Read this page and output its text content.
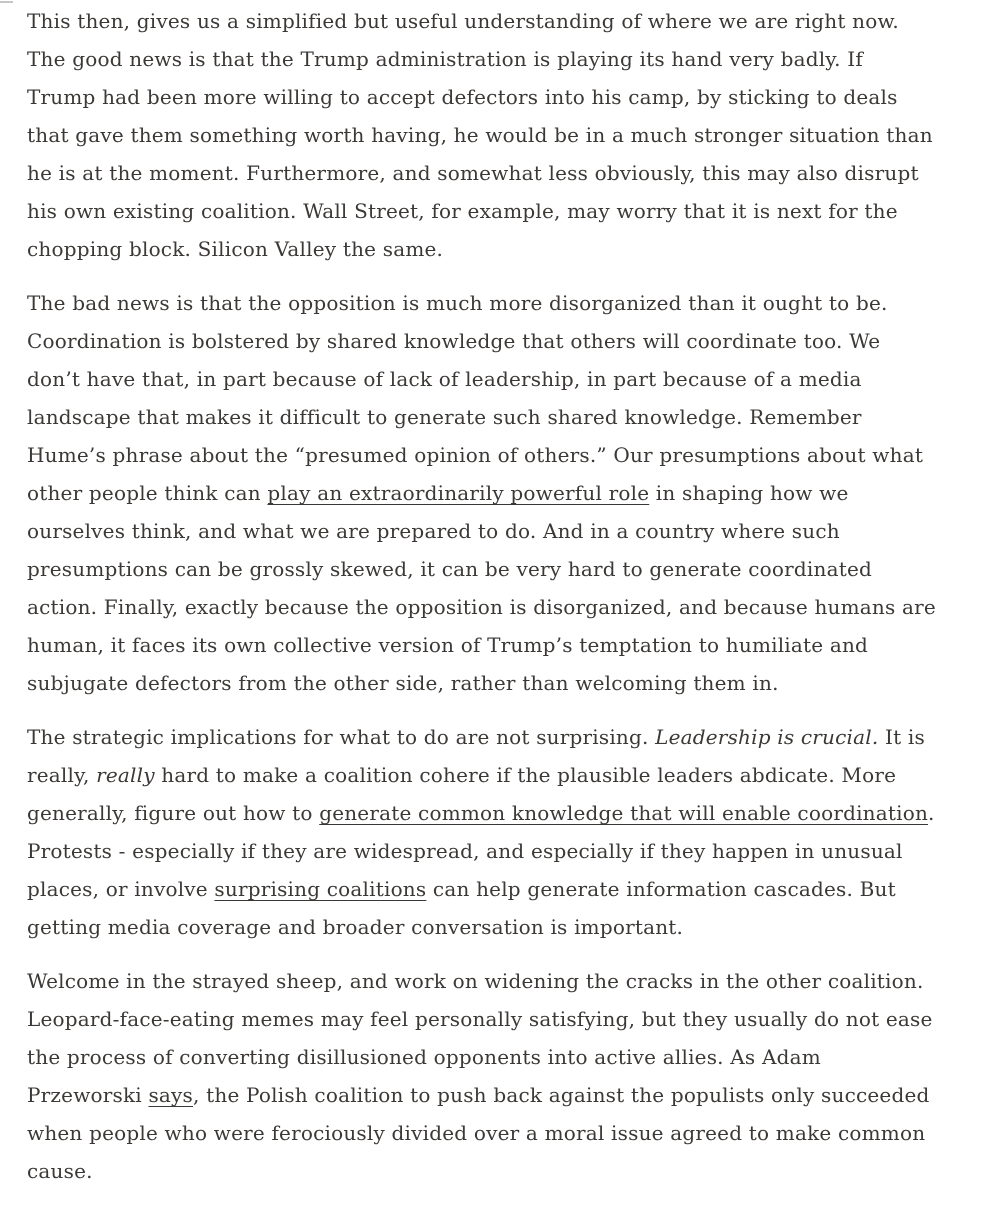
This then, gives us a simplified but useful understanding of where we are right now. The good news is that the Trump administration is playing its hand very badly. If Trump had been more willing to accept defectors into his camp, by sticking to deals that gave them something worth having, he would be in a much stronger situation than he is at the moment. Furthermore, and somewhat less obviously, this may also disrupt his own existing coalition. Wall Street, for example, may worry that it is next for the chopping block. Silicon Valley the same.

The bad news is that the opposition is much more disorganized than it ought to be. Coordination is bolstered by shared knowledge that others will coordinate too. We don’t have that, in part because of lack of leadership, in part because of a media landscape that makes it difficult to generate such shared knowledge. Remember Hume’s phrase about the “presumed opinion of others.” Our presumptions about what other people think can play an extraordinarily powerful role in shaping how we ourselves think, and what we are prepared to do. And in a country where such presumptions can be grossly skewed, it can be very hard to generate coordinated action. Finally, exactly because the opposition is disorganized, and because humans are human, it faces its own collective version of Trump’s temptation to humiliate and subjugate defectors from the other side, rather than welcoming them in.

The strategic implications for what to do are not surprising. Leadership is crucial. It is really, really hard to make a coalition cohere if the plausible leaders abdicate. More generally, figure out how to generate common knowledge that will enable coordination. Protests - especially if they are widespread, and especially if they happen in unusual places, or involve surprising coalitions can help generate information cascades. But getting media coverage and broader conversation is important.

Welcome in the strayed sheep, and work on widening the cracks in the other coalition. Leopard-face-eating memes may feel personally satisfying, but they usually do not ease the process of converting disillusioned opponents into active allies. As Adam Przeworski says, the Polish coalition to push back against the populists only succeeded when people who were ferociously divided over a moral issue agreed to make common cause.
